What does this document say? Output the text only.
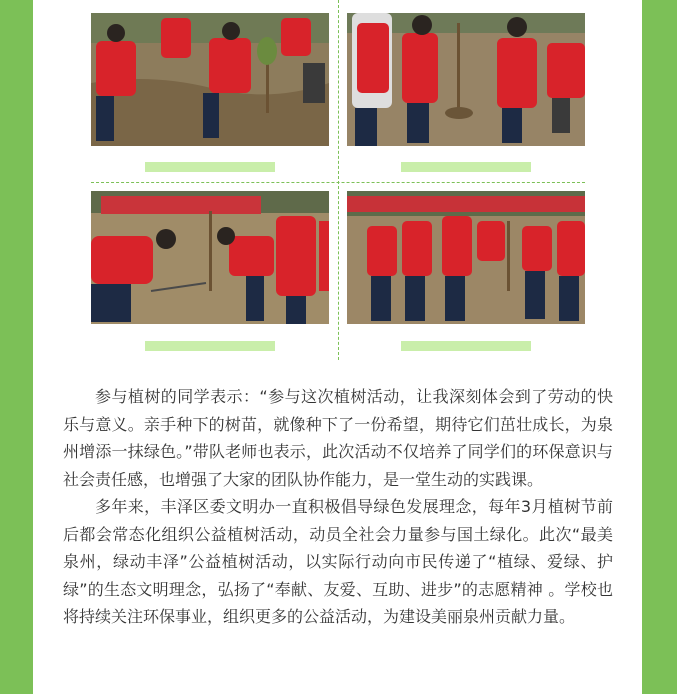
参与植树的同学表示：“参与这次植树活动，让我深刻体会到了劳动的快乐与意义。亲手种下的树苗，就像种下了一份希望，期待它们茁壮成长，为泉州增添一抹绿色。”带队老师也表示，此次活动不仅培养了同学们的环保意识与社会责任感，也增强了大家的团队协作能力，是一堂生动的实践课。

多年来，丰泽区委文明办一直积极倡导绿色发展理念，每年3月植树节前后都会常态化组织公益植树活动，动员全社会力量参与国土绿化。此次“最美泉州，绿动丰泽”公益植树活动，以实际行动向市民传递了“植绿、爱绿、护绿”的生态文明理念，弘扬了“奉献、友爱、互助、进步”的志愿精神 。学校也将持续关注环保事业，组织更多的公益活动，为建设美丽泉州贡献力量。
